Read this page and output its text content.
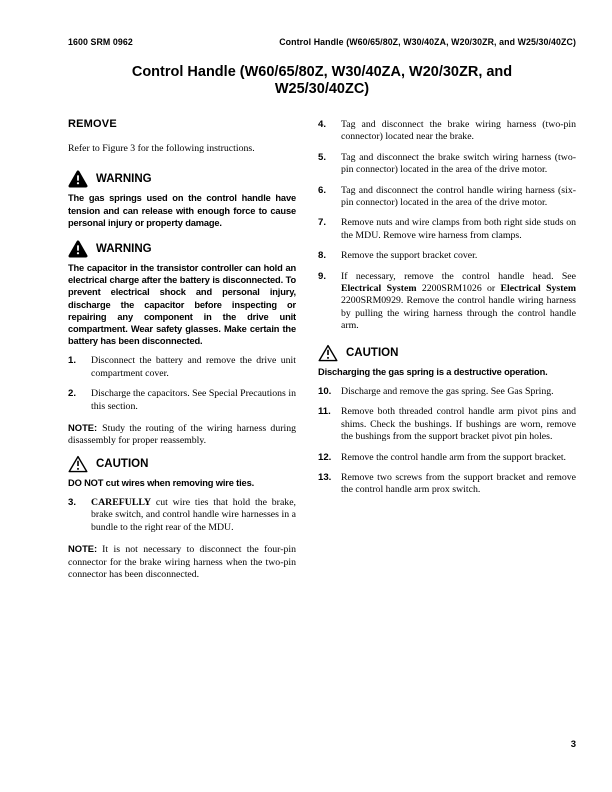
1600 SRM 0962	Control Handle (W60/65/80Z, W30/40ZA, W20/30ZR, and W25/30/40ZC)
Control Handle (W60/65/80Z, W30/40ZA, W20/30ZR, and W25/30/40ZC)
REMOVE
Refer to Figure 3 for the following instructions.
WARNING
The gas springs used on the control handle have tension and can release with enough force to cause personal injury or property damage.
WARNING
The capacitor in the transistor controller can hold an electrical charge after the battery is disconnected. To prevent electrical shock and personal injury, discharge the capacitor before inspecting or repairing any component in the drive unit compartment. Wear safety glasses. Make certain the battery has been disconnected.
1.	Disconnect the battery and remove the drive unit compartment cover.
2.	Discharge the capacitors. See Special Precautions in this section.
NOTE: Study the routing of the wiring harness during disassembly for proper reassembly.
CAUTION
DO NOT cut wires when removing wire ties.
3.	CAREFULLY cut wire ties that hold the brake, brake switch, and control handle wire harnesses in a bundle to the right rear of the MDU.
NOTE: It is not necessary to disconnect the four-pin connector for the brake wiring harness when the two-pin connector has been disconnected.
4.	Tag and disconnect the brake wiring harness (two-pin connector) located near the brake.
5.	Tag and disconnect the brake switch wiring harness (two-pin connector) located in the area of the drive motor.
6.	Tag and disconnect the control handle wiring harness (six-pin connector) located in the area of the drive motor.
7.	Remove nuts and wire clamps from both right side studs on the MDU. Remove wire harness from clamps.
8.	Remove the support bracket cover.
9.	If necessary, remove the control handle head. See Electrical System 2200SRM1026 or Electrical System 2200SRM0929. Remove the control handle wiring harness by pulling the wiring harness through the control handle arm.
CAUTION
Discharging the gas spring is a destructive operation.
10. Discharge and remove the gas spring. See Gas Spring.
11.	Remove both threaded control handle arm pivot pins and shims. Check the bushings. If bushings are worn, remove the bushings from the support bracket pivot pin holes.
12. Remove the control handle arm from the support bracket.
13. Remove two screws from the support bracket and remove the control handle arm prox switch.
3
